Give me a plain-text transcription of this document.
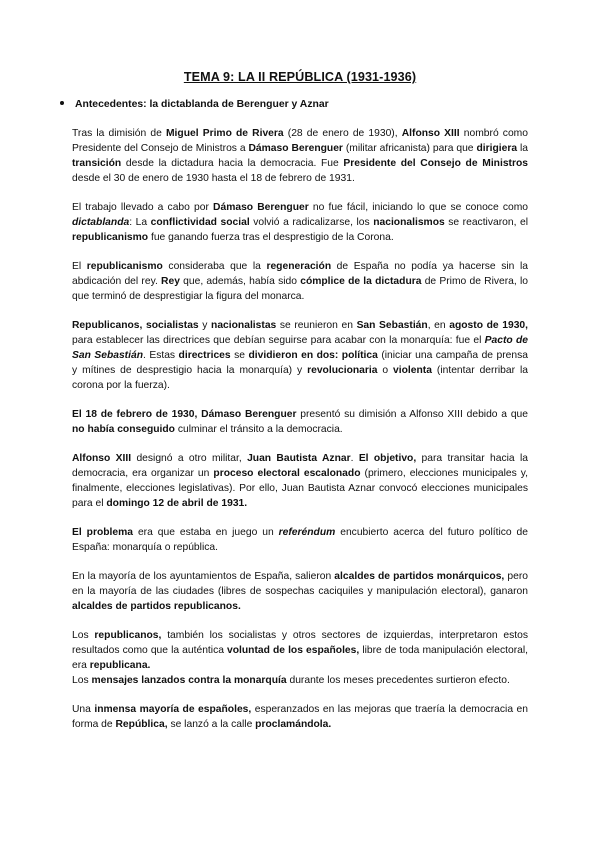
TEMA 9: LA II REPÚBLICA (1931-1936)
Antecedentes: la dictablanda de Berenguer y Aznar

Tras la dimisión de Miguel Primo de Rivera (28 de enero de 1930), Alfonso XIII nombró como Presidente del Consejo de Ministros a Dámaso Berenguer (militar africanista) para que dirigiera la transición desde la dictadura hacia la democracia. Fue Presidente del Consejo de Ministros desde el 30 de enero de 1930 hasta el 18 de febrero de 1931.

El trabajo llevado a cabo por Dámaso Berenguer no fue fácil, iniciando lo que se conoce como dictablanda: La conflictividad social volvió a radicalizarse, los nacionalismos se reactivaron, el republicanismo fue ganando fuerza tras el desprestigio de la Corona.

El republicanismo consideraba que la regeneración de España no podía ya hacerse sin la abdicación del rey. Rey que, además, había sido cómplice de la dictadura de Primo de Rivera, lo que terminó de desprestigiar la figura del monarca.

Republicanos, socialistas y nacionalistas se reunieron en San Sebastián, en agosto de 1930, para establecer las directrices que debían seguirse para acabar con la monarquía: fue el Pacto de San Sebastián. Estas directrices se dividieron en dos: política (iniciar una campaña de prensa y mítines de desprestigio hacia la monarquía) y revolucionaria o violenta (intentar derribar la corona por la fuerza).

El 18 de febrero de 1930, Dámaso Berenguer presentó su dimisión a Alfonso XIII debido a que no había conseguido culminar el tránsito a la democracia.

Alfonso XIII designó a otro militar, Juan Bautista Aznar. El objetivo, para transitar hacia la democracia, era organizar un proceso electoral escalonado (primero, elecciones municipales y, finalmente, elecciones legislativas). Por ello, Juan Bautista Aznar convocó elecciones municipales para el domingo 12 de abril de 1931.

El problema era que estaba en juego un referéndum encubierto acerca del futuro político de España: monarquía o república.

En la mayoría de los ayuntamientos de España, salieron alcaldes de partidos monárquicos, pero en la mayoría de las ciudades (libres de sospechas caciquiles y manipulación electoral), ganaron alcaldes de partidos republicanos.

Los republicanos, también los socialistas y otros sectores de izquierdas, interpretaron estos resultados como que la auténtica voluntad de los españoles, libre de toda manipulación electoral, era republicana.

Los mensajes lanzados contra la monarquía durante los meses precedentes surtieron efecto.

Una inmensa mayoría de españoles, esperanzados en las mejoras que traería la democracia en forma de República, se lanzó a la calle proclamándola.
